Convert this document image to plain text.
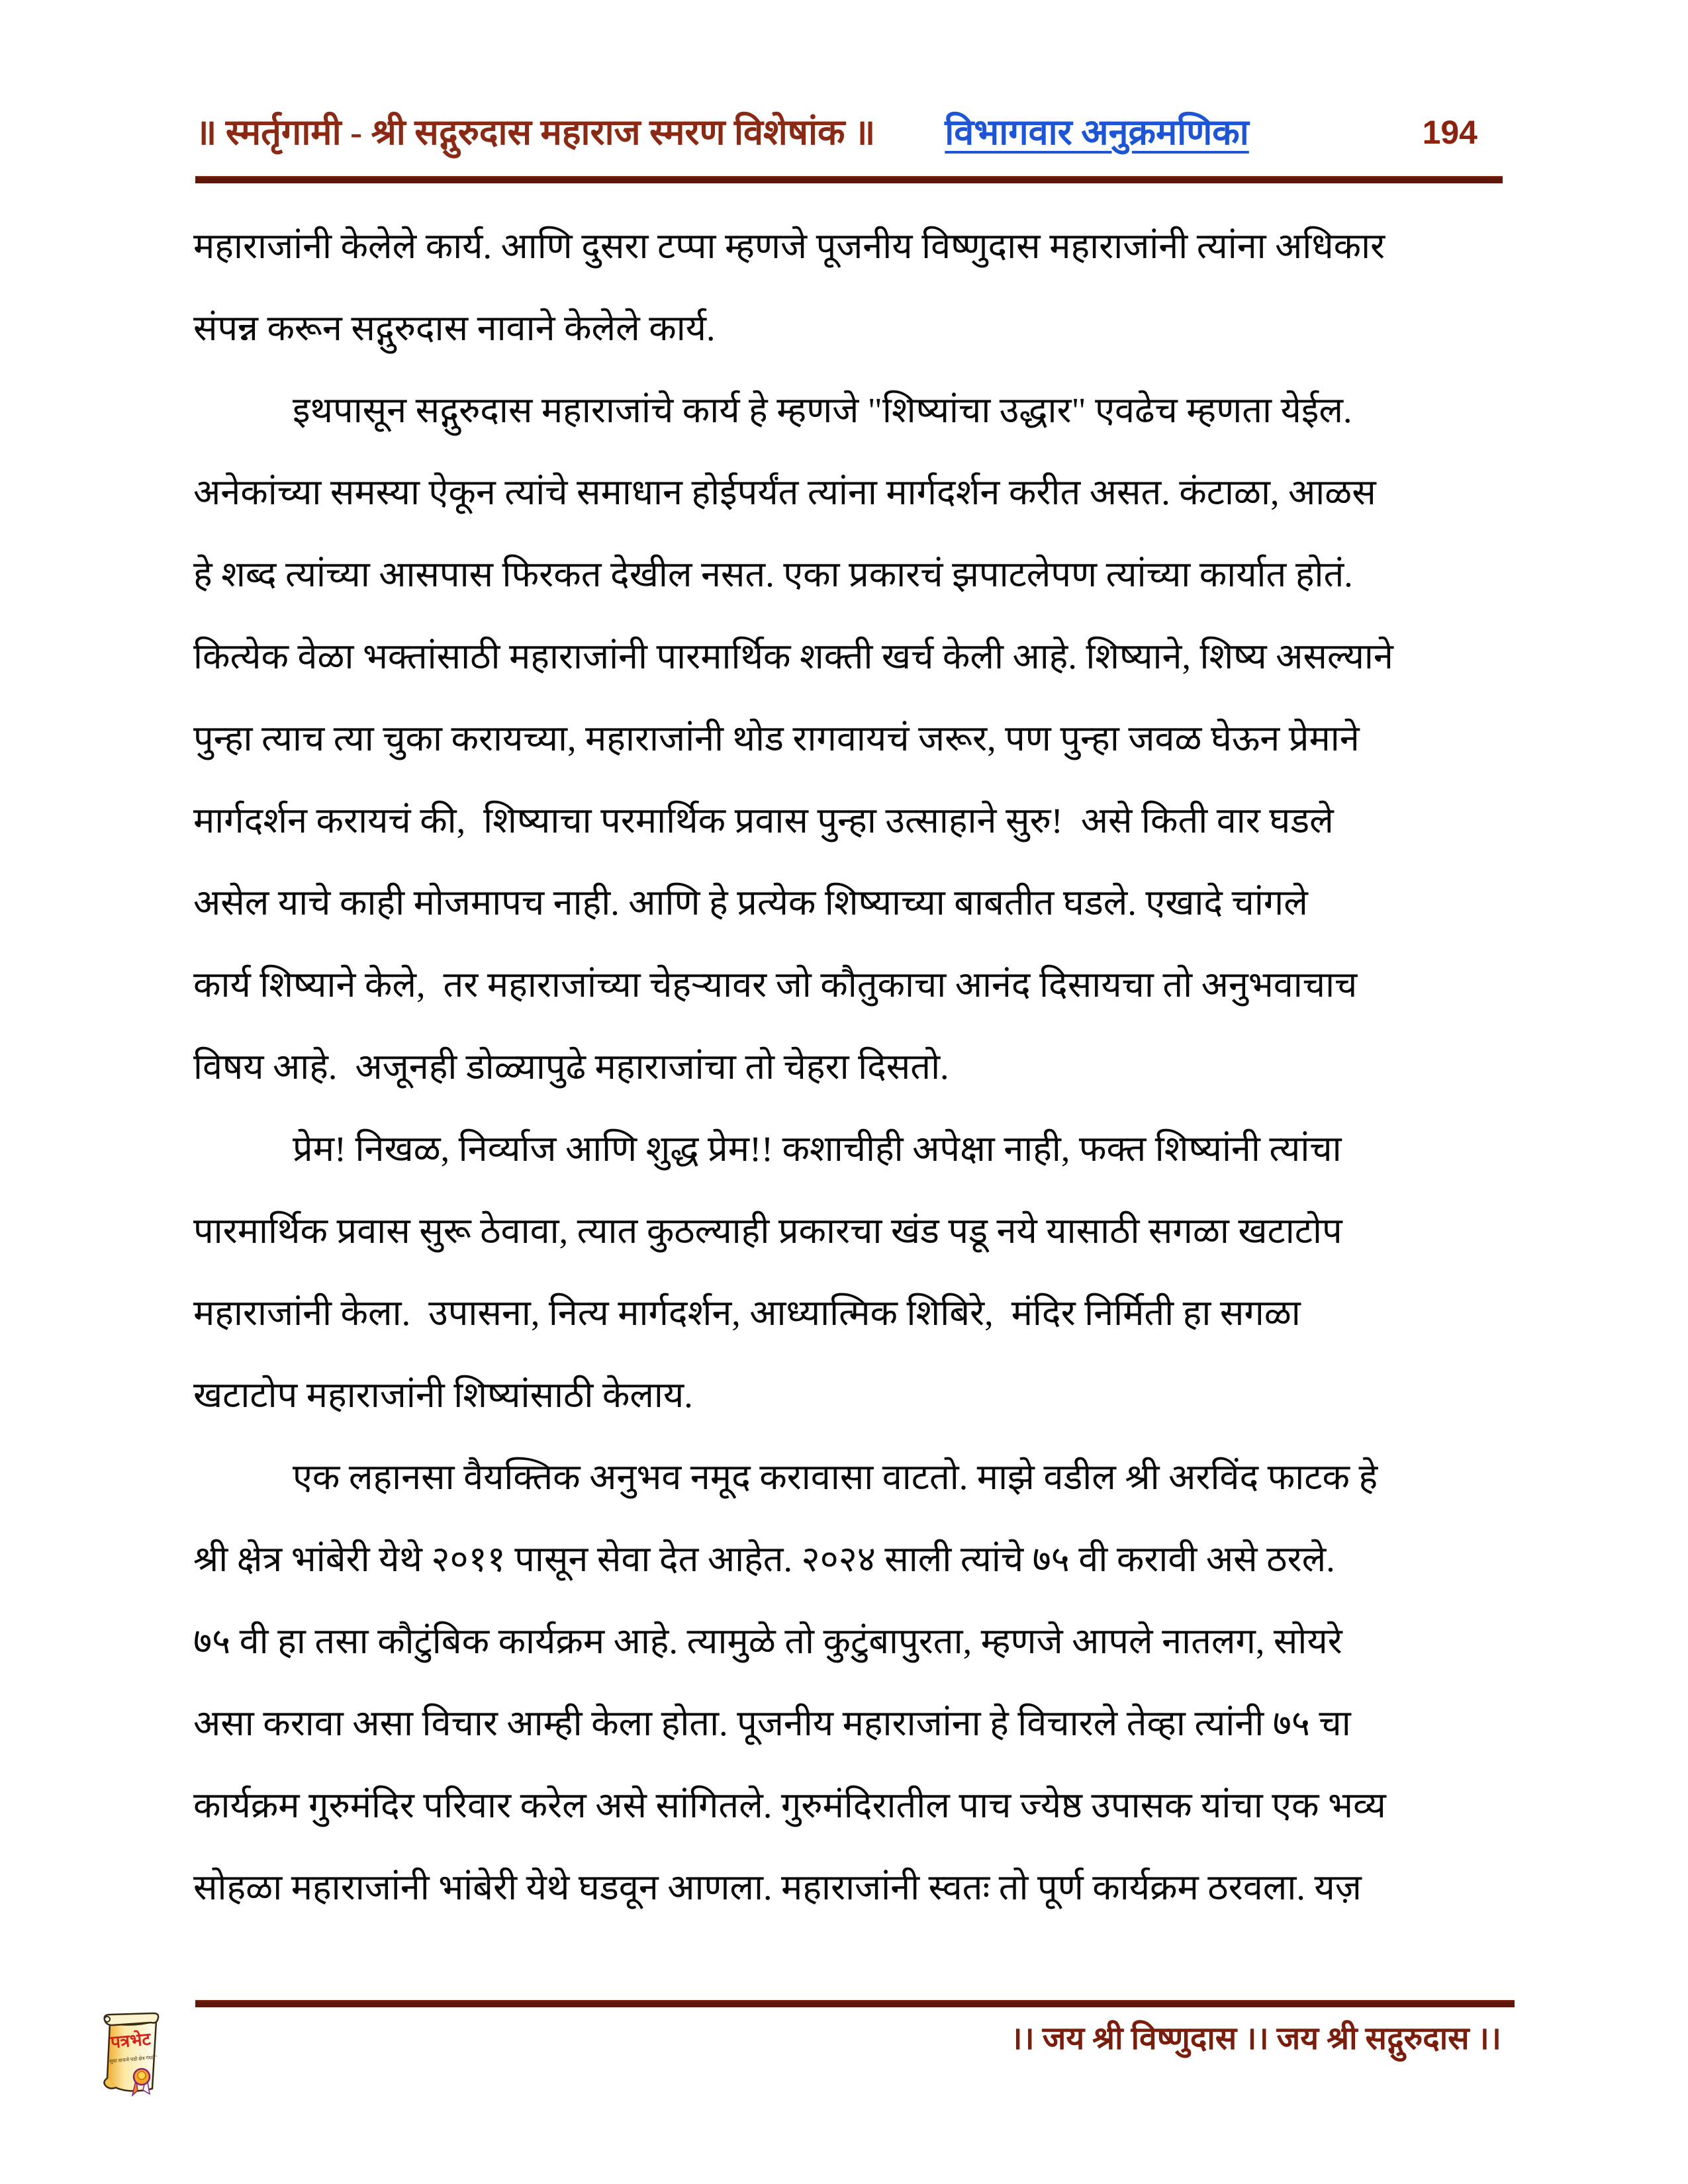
॥ स्मर्तृगामी - श्री सद्गुरुदास महाराज स्मरण विशेषांक ॥ विभागवार अनुक्रमणिका	194
महाराजांनी केलेले कार्य. आणि दुसरा टप्पा म्हणजे पूजनीय विष्णुदास महाराजांनी त्यांना अधिकार
संपन्न करून सद्गुरुदास नावाने केलेले कार्य.
इथपासून सद्गुरुदास महाराजांचे कार्य हे म्हणजे "शिष्यांचा उद्धार" एवढेच म्हणता येईल.
अनेकांच्या समस्या ऐकून त्यांचे समाधान होईपर्यंत त्यांना मार्गदर्शन करीत असत. कंटाळा, आळस
हे शब्द त्यांच्या आसपास फिरकत देखील नसत. एका प्रकारचं झपाटलेपण त्यांच्या कार्यात होतं.
कित्येक वेळा भक्तांसाठी महाराजांनी पारमार्थिक शक्ती खर्च केली आहे. शिष्याने, शिष्य असल्याने
पुन्हा त्याच त्या चुका करायच्या, महाराजांनी थोड रागवायचं जरूर, पण पुन्हा जवळ घेऊन प्रेमाने
मार्गदर्शन करायचं की,  शिष्याचा परमार्थिक प्रवास पुन्हा उत्साहाने सुरु!  असे किती वार घडले
असेल याचे काही मोजमापच नाही. आणि हे प्रत्येक शिष्याच्या बाबतीत घडले. एखादे चांगले
कार्य शिष्याने केले,  तर महाराजांच्या चेहऱ्यावर जो कौतुकाचा आनंद दिसायचा तो अनुभवाचाच
विषय आहे.  अजूनही डोळ्यापुढे महाराजांचा तो चेहरा दिसतो.
प्रेम! निखळ, निर्व्याज आणि शुद्ध प्रेम!! कशाचीही अपेक्षा नाही, फक्त शिष्यांनी त्यांचा
पारमार्थिक प्रवास सुरू ठेवावा, त्यात कुठल्याही प्रकारचा खंड पडू नये यासाठी सगळा खटाटोप
महाराजांनी केला.  उपासना, नित्य मार्गदर्शन, आध्यात्मिक शिबिरे,  मंदिर निर्मिती हा सगळा
खटाटोप महाराजांनी शिष्यांसाठी केलाय.
एक लहानसा वैयक्तिक अनुभव नमूद करावासा वाटतो. माझे वडील श्री अरविंद फाटक हे
श्री क्षेत्र भांबेरी येथे २०११ पासून सेवा देत आहेत. २०२४ साली त्यांचे ७५ वी करावी असे ठरले.
७५ वी हा तसा कौटुंबिक कार्यक्रम आहे. त्यामुळे तो कुटुंबापुरता, म्हणजे आपले नातलग, सोयरे
असा करावा असा विचार आम्ही केला होता. पूजनीय महाराजांना हे विचारले तेव्हा त्यांनी ७५ चा
कार्यक्रम गुरुमंदिर परिवार करेल असे सांगितले. गुरुमंदिरातील पाच ज्येष्ठ उपासक यांचा एक भव्य
सोहळा महाराजांनी भांबेरी येथे घडवून आणला. महाराजांनी स्वतः तो पूर्ण कार्यक्रम ठरवला. यज़
।। जय श्री विष्णुदास ।। जय श्री सद्गुरुदास ।।
पत्रभेट
"सुधा वाचजे घडो क्षेत्र गंधारे"
